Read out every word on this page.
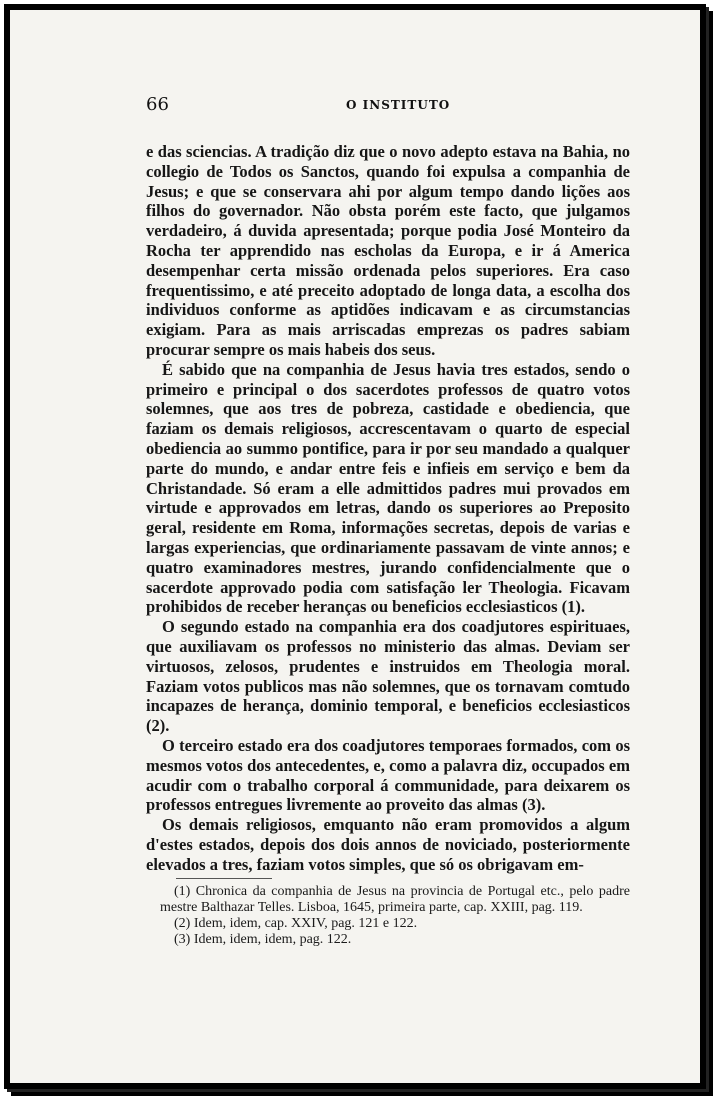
66	O INSTITUTO

e das sciencias. A tradição diz que o novo adepto estava na Bahia, no collegio de Todos os Sanctos, quando foi expulsa a companhia de Jesus; e que se conservara ahi por algum tempo dando lições aos filhos do governador. Não obsta porém este facto, que julgamos verdadeiro, á duvida apresentada; porque podia José Monteiro da Rocha ter apprendido nas escholas da Europa, e ir á America desempenhar certa missão ordenada pelos superiores. Era caso frequentissimo, e até preceito adoptado de longa data, a escolha dos individuos conforme as aptidões indicavam e as circumstancias exigiam. Para as mais arriscadas emprezas os padres sabiam procurar sempre os mais habeis dos seus.

É sabido que na companhia de Jesus havia tres estados, sendo o primeiro e principal o dos sacerdotes professos de quatro votos solemnes, que aos tres de pobreza, castidade e obediencia, que faziam os demais religiosos, accrescentavam o quarto de especial obediencia ao summo pontifice, para ir por seu mandado a qualquer parte do mundo, e andar entre feis e infieis em serviço e bem da Christandade. Só eram a elle admittidos padres mui provados em virtude e approvados em letras, dando os superiores ao Preposito geral, residente em Roma, informações secretas, depois de varias e largas experiencias, que ordinariamente passavam de vinte annos; e quatro examinadores mestres, jurando confidencialmente que o sacerdote approvado podia com satisfação ler Theologia. Ficavam prohibidos de receber heranças ou beneficios ecclesiasticos (1).

O segundo estado na companhia era dos coadjutores espirituaes, que auxiliavam os professos no ministerio das almas. Deviam ser virtuosos, zelosos, prudentes e instruidos em Theologia moral. Faziam votos publicos mas não solemnes, que os tornavam comtudo incapazes de herança, dominio temporal, e beneficios ecclesiasticos (2).

O terceiro estado era dos coadjutores temporaes formados, com os mesmos votos dos antecedentes, e, como a palavra diz, occupados em acudir com o trabalho corporal á communidade, para deixarem os professos entregues livremente ao proveito das almas (3).

Os demais religiosos, emquanto não eram promovidos a algum d'estes estados, depois dos dois annos de noviciado, posteriormente elevados a tres, faziam votos simples, que só os obrigavam em-

(1) Chronica da companhia de Jesus na provincia de Portugal etc., pelo padre mestre Balthazar Telles. Lisboa, 1645, primeira parte, cap. XXIII, pag. 119.

(2) Idem, idem, cap. XXIV, pag. 121 e 122.

(3) Idem, idem, idem, pag. 122.
